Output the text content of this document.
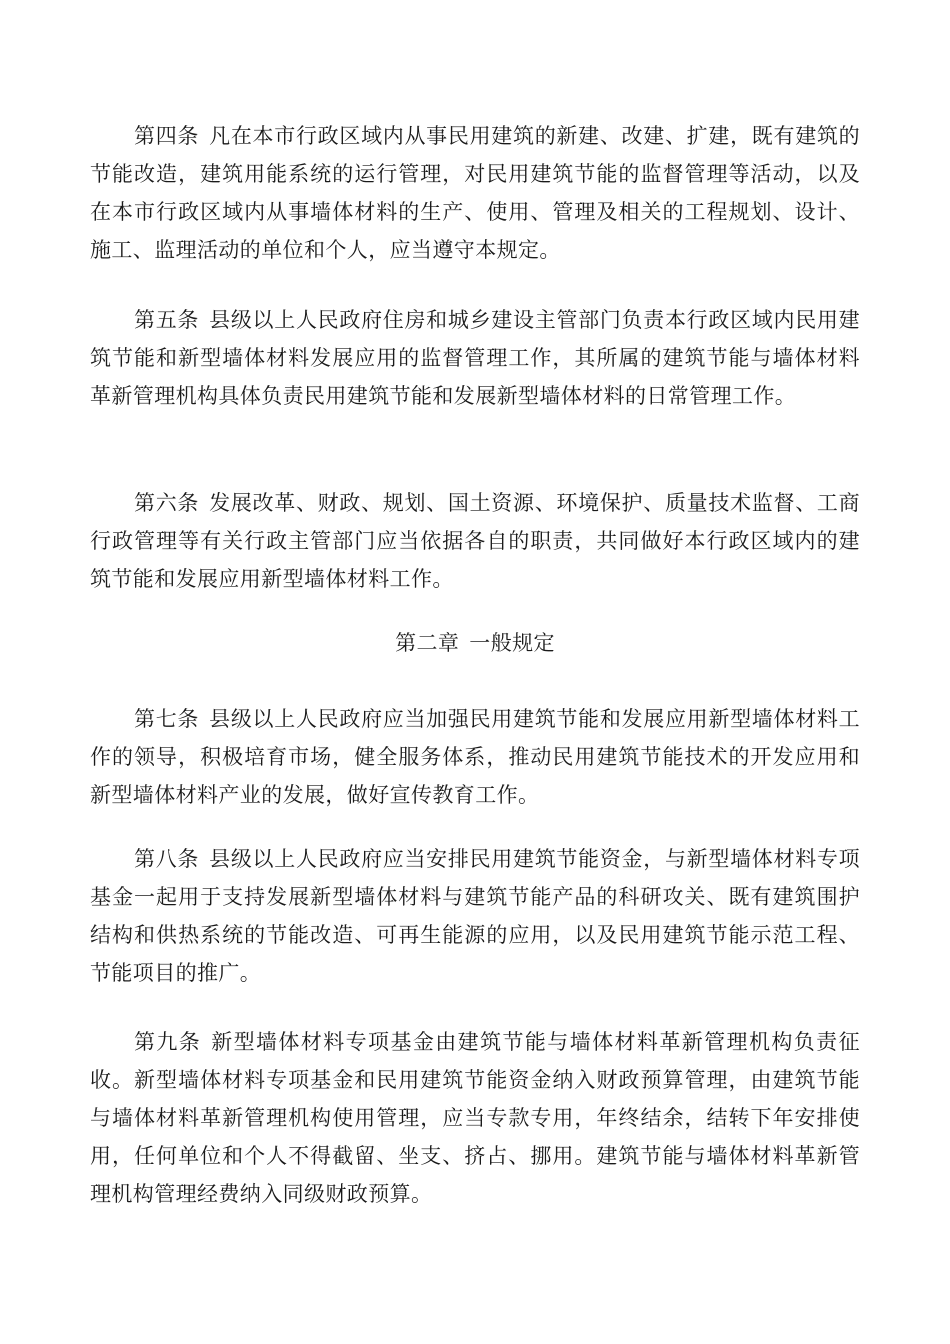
第四条 凡在本市行政区域内从事民用建筑的新建、改建、扩建，既有建筑的节能改造，建筑用能系统的运行管理，对民用建筑节能的监督管理等活动，以及在本市行政区域内从事墙体材料的生产、使用、管理及相关的工程规划、设计、施工、监理活动的单位和个人，应当遵守本规定。

第五条 县级以上人民政府住房和城乡建设主管部门负责本行政区域内民用建筑节能和新型墙体材料发展应用的监督管理工作，其所属的建筑节能与墙体材料革新管理机构具体负责民用建筑节能和发展新型墙体材料的日常管理工作。

第六条 发展改革、财政、规划、国土资源、环境保护、质量技术监督、工商行政管理等有关行政主管部门应当依据各自的职责，共同做好本行政区域内的建筑节能和发展应用新型墙体材料工作。

第二章 一般规定

第七条 县级以上人民政府应当加强民用建筑节能和发展应用新型墙体材料工作的领导，积极培育市场，健全服务体系，推动民用建筑节能技术的开发应用和新型墙体材料产业的发展，做好宣传教育工作。

第八条 县级以上人民政府应当安排民用建筑节能资金，与新型墙体材料专项基金一起用于支持发展新型墙体材料与建筑节能产品的科研攻关、既有建筑围护结构和供热系统的节能改造、可再生能源的应用，以及民用建筑节能示范工程、节能项目的推广。

第九条 新型墙体材料专项基金由建筑节能与墙体材料革新管理机构负责征收。新型墙体材料专项基金和民用建筑节能资金纳入财政预算管理，由建筑节能与墙体材料革新管理机构使用管理，应当专款专用，年终结余，结转下年安排使用，任何单位和个人不得截留、坐支、挤占、挪用。建筑节能与墙体材料革新管理机构管理经费纳入同级财政预算。
